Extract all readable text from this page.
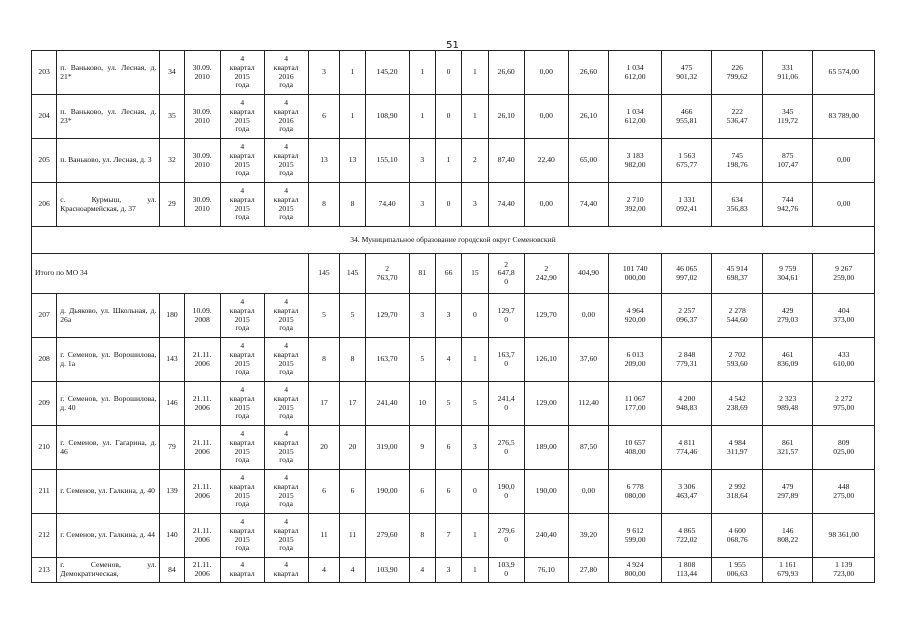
51
203	п. Ваньково, ул. Лесная, д. 21*	34	30.09.
2010	4
квартал
2015
года	4
квартал
2016
года	3	1	145,20	1	0	1	26,60	0,00	26,60	1 034
612,00	475
901,32	226
799,62	331
911,06	65 574,00
204	п. Ваньково, ул. Лесная, д. 23*	35	30.09.
2010	4
квартал
2015
года	4
квартал
2016
года	6	1	108,90	1	0	1	26,10	0,00	26,10	1 034
612,00	466
955,81	222
536,47	345
119,72	83 789,00
205	п. Ваньково, ул. Лесная, д. 3	32	30.09.
2010	4
квартал
2015
года	4
квартал
2015
года	13	13	155,10	3	1	2	87,40	22,40	65,00	3 183
982,00	1 563
675,77	745
198,76	875
107,47	0,00
206	с. Курмыш, ул. Красноармейская, д. 37	29	30.09.
2010	4
квартал
2015
года	4
квартал
2015
года	8	8	74,40	3	0	3	74,40	0,00	74,40	2 710
392,00	1 331
092,41	634
356,83	744
942,76	0,00
34. Муниципальное образование городской округ Семеновский																			
Итого по МО 34						145	145	2
763,70	81	66	15	2
647,8
0	2
242,90	404,90	101 740
000,00	46 065
997,02	45 914
698,37	9 759
304,61	9 267
259,00
207	д. Дьяково, ул. Школьная, д. 26а	180	10.09.
2008	4
квартал
2015
года	4
квартал
2015
года	5	5	129,70	3	3	0	129,7
0	129,70	0,00	4 964
920,00	2 257
096,37	2 278
544,60	429
279,03	404
373,00
208	г. Семенов, ул. Ворошилова, д. 1а	143	21.11.
2006	4
квартал
2015
года	4
квартал
2015
года	8	8	163,70	5	4	1	163,7
0	126,10	37,60	6 013
209,00	2 848
779,31	2 702
593,60	461
836,09	433
610,00
209	г. Семенов, ул. Ворошилова, д. 40	146	21.11.
2006	4
квартал
2015
года	4
квартал
2015
года	17	17	241,40	10	5	5	241,4
0	129,00	112,40	11 067
177,00	4 200
948,83	4 542
238,69	2 323
989,48	2 272
975,00
210	г. Семенов, ул. Гагарина, д. 46	79	21.11.
2006	4
квартал
2015
года	4
квартал
2015
года	20	20	319,00	9	6	3	276,5
0	189,00	87,50	10 657
408,00	4 811
774,46	4 984
311,97	861
321,57	809
025,00
211	г. Семенов, ул. Галкина, д. 40	139	21.11.
2006	4
квартал
2015
года	4
квартал
2015
года	6	6	190,00	6	6	0	190,0
0	190,00	0,00	6 778
080,00	3 306
463,47	2 992
318,64	479
297,89	448
275,00
212	г. Семенов, ул. Галкина, д. 44	140	21.11.
2006	4
квартал
2015
года	4
квартал
2015
года	11	11	279,60	8	7	1	279,6
0	240,40	39,20	9 612
599,00	4 865
722,02	4 600
068,76	146
808,22	98 361,00
213	г. Семенов, ул. Демократическая,	84	21.11.
2006	4
квартал	4
квартал	4	4	103,90	4	3	1	103,9
0	76,10	27,80	4 924
800,00	1 808
113,44	1 955
006,63	1 161
679,93	1 139
723,00
